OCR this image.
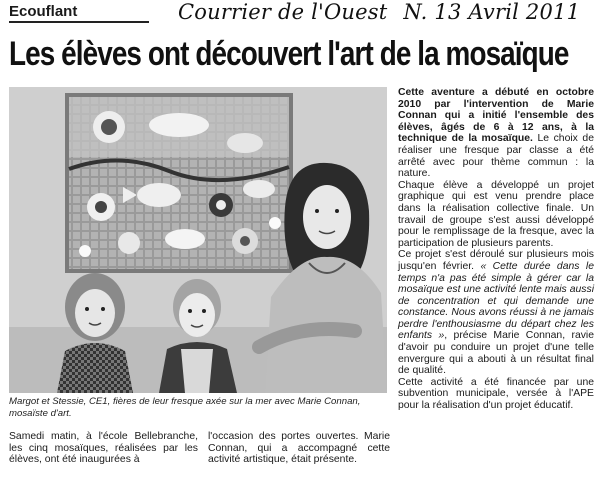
Ecouflant	Courrier de l'Ouest N. 13 Avril 2011
Les élèves ont découvert l'art de la mosaïque
Margot et Stessie, CE1, fières de leur fresque axée sur la mer avec Marie Connan,
mosaïste d'art.

Cette aventure a débuté en octobre 2010 par l'intervention de Marie Connan qui a initié l'ensemble des élèves, âgés de 6 à 12 ans, à la technique de la mosaïque. Le choix de réaliser une fresque par classe a été arrêté avec pour thème commun : la nature.

Chaque élève a développé un projet graphique qui est venu prendre place dans la réalisation collective finale. Un travail de groupe s'est aussi développé pour le remplissage de la fresque, avec la participation de plusieurs parents.

Ce projet s'est déroulé sur plusieurs mois jusqu'en février. « Cette durée dans le temps n'a pas été simple à gérer car la mosaïque est une activité lente mais aussi de concentration et qui demande une constance. Nous avons réussi à ne jamais perdre l'enthousiasme du départ chez les enfants », précise Marie Connan, ravie d'avoir pu conduire un projet d'une telle envergure qui a abouti à un résultat final de qualité.

Cette activité a été financée par une subvention municipale, versée à l'APE pour la réalisation d'un projet éducatif.

Samedi matin, à l'école Bellebranche, les cinq mosaïques, réalisées par les élèves, ont été inaugurées à
l'occasion des portes ouvertes. Marie Connan, qui a accompagné cette activité artistique, était présente.
